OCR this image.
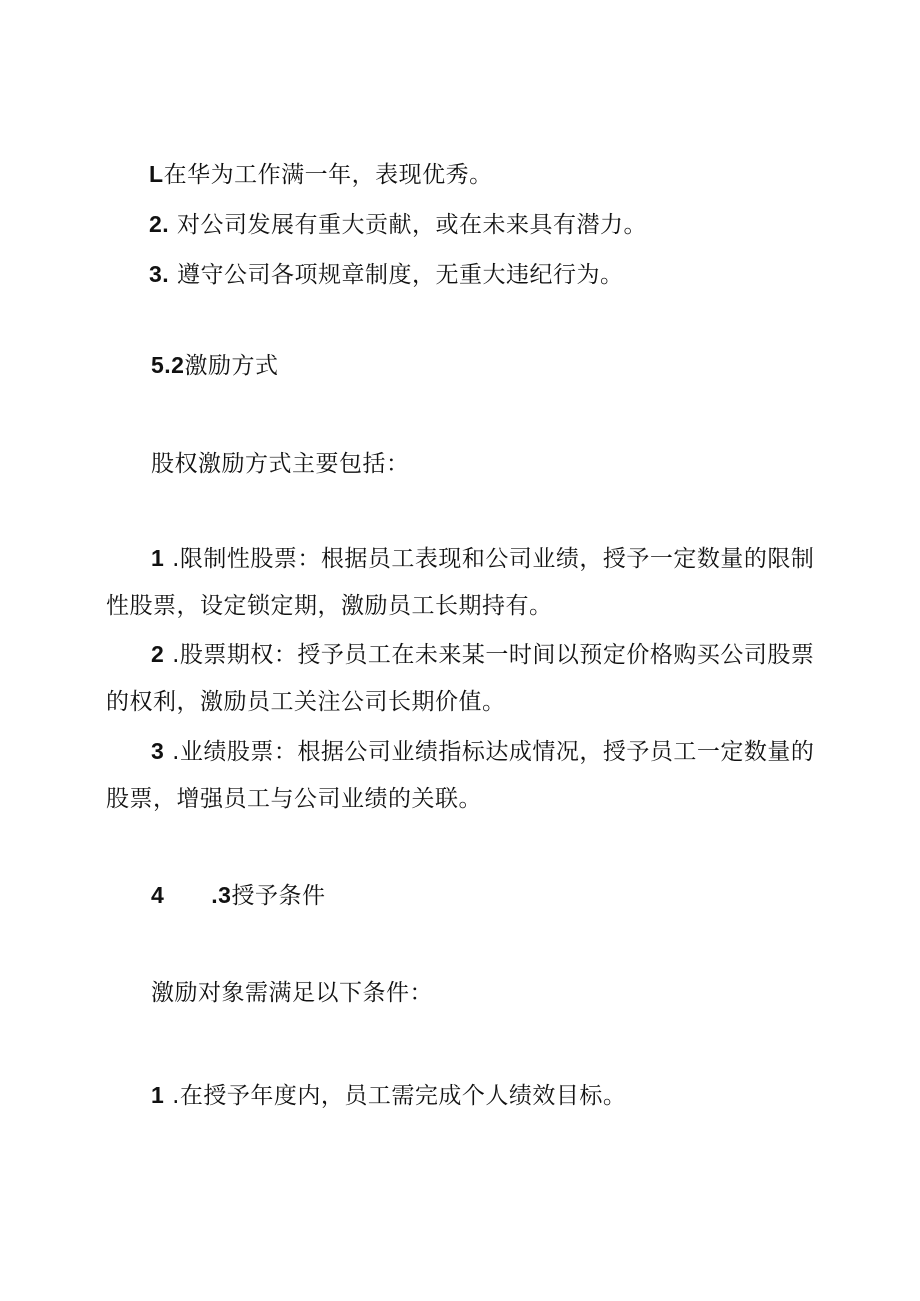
L在华为工作满一年，表现优秀。
2. 对公司发展有重大贡献，或在未来具有潜力。
3. 遵守公司各项规章制度，无重大违纪行为。
5.2激励方式
股权激励方式主要包括：
1 .限制性股票：根据员工表现和公司业绩，授予一定数量的限制
性股票，设定锁定期，激励员工长期持有。
2 .股票期权：授予员工在未来某一时间以预定价格购买公司股票
的权利，激励员工关注公司长期价值。
3 .业绩股票：根据公司业绩指标达成情况，授予员工一定数量的
股票，增强员工与公司业绩的关联。
4 .3授予条件
激励对象需满足以下条件：
1 .在授予年度内，员工需完成个人绩效目标。
